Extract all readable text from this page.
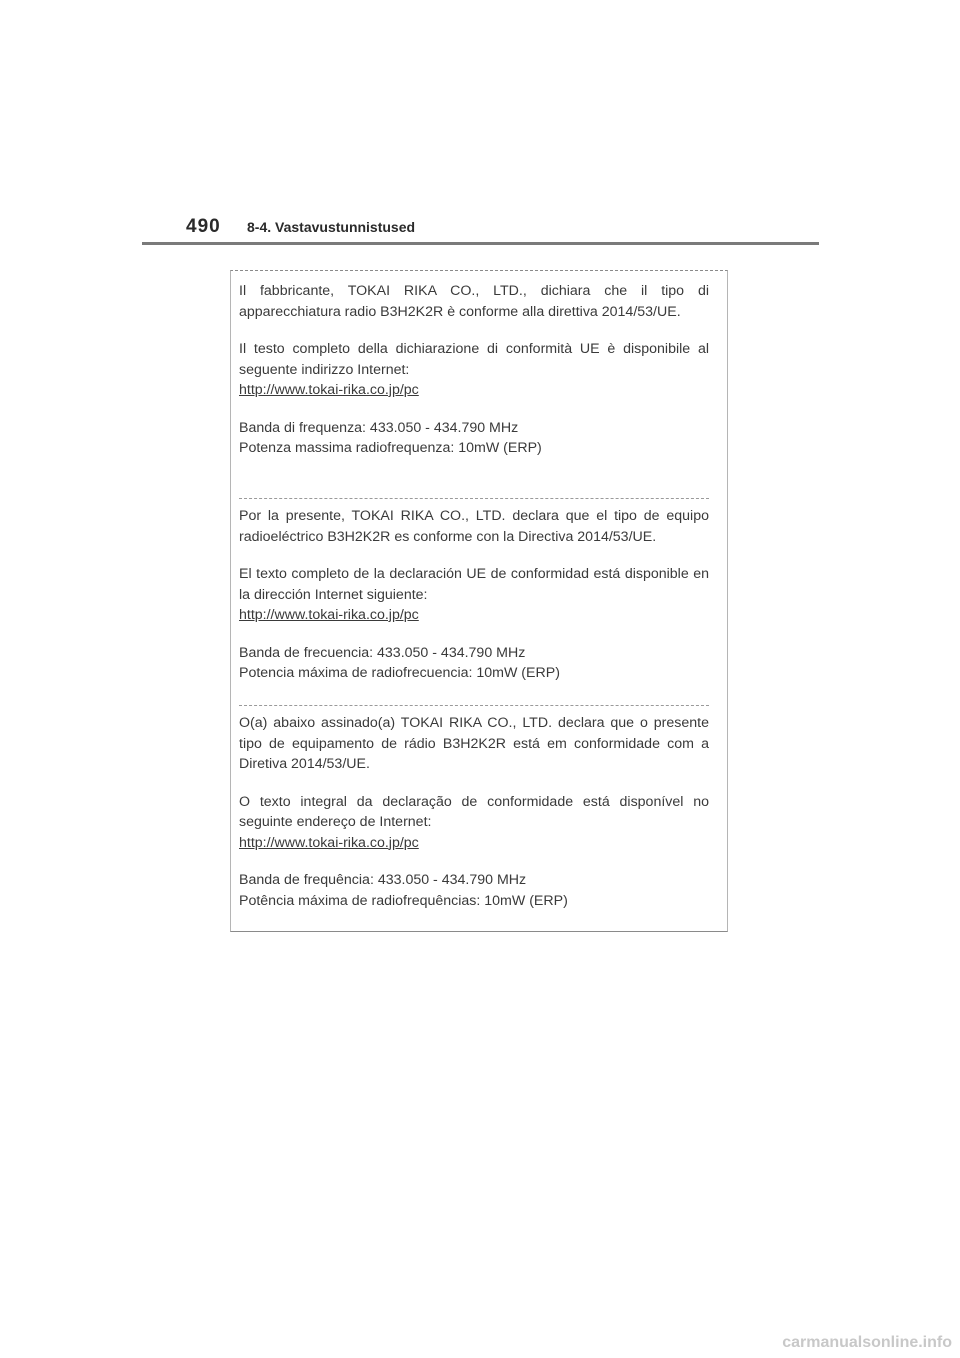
490 8-4. Vastavustunnistused

Il fabbricante, TOKAI RIKA CO., LTD., dichiara che il tipo di apparecchiatura radio B3H2K2R è conforme alla direttiva 2014/53/UE.

Il testo completo della dichiarazione di conformità UE è disponibile al seguente indirizzo Internet:
http://www.tokai-rika.co.jp/pc

Banda di frequenza: 433.050 - 434.790 MHz
Potenza massima radiofrequenza: 10mW (ERP)

Por la presente, TOKAI RIKA CO., LTD. declara que el tipo de equipo radioeléctrico B3H2K2R es conforme con la Directiva 2014/53/UE.

El texto completo de la declaración UE de conformidad está disponible en la dirección Internet siguiente:
http://www.tokai-rika.co.jp/pc

Banda de frecuencia: 433.050 - 434.790 MHz
Potencia máxima de radiofrecuencia: 10mW (ERP)

O(a) abaixo assinado(a) TOKAI RIKA CO., LTD. declara que o presente tipo de equipamento de rádio B3H2K2R está em conformidade com a Diretiva 2014/53/UE.

O texto integral da declaração de conformidade está disponível no seguinte endereço de Internet:
http://www.tokai-rika.co.jp/pc

Banda de frequência: 433.050 - 434.790 MHz
Potência máxima de radiofrequências: 10mW (ERP)

carmanualsonline.info
